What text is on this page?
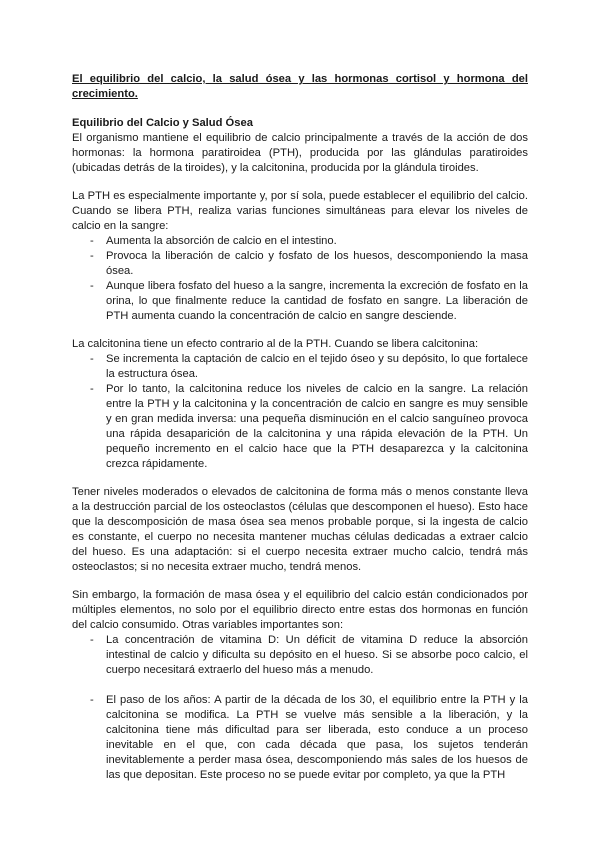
El equilibrio del calcio, la salud ósea y las hormonas cortisol y hormona del crecimiento.

Equilibrio del Calcio y Salud Ósea

El organismo mantiene el equilibrio de calcio principalmente a través de la acción de dos hormonas: la hormona paratiroidea (PTH), producida por las glándulas paratiroides (ubicadas detrás de la tiroides), y la calcitonina, producida por la glándula tiroides.

La PTH es especialmente importante y, por sí sola, puede establecer el equilibrio del calcio. Cuando se libera PTH, realiza varias funciones simultáneas para elevar los niveles de calcio en la sangre:

- Aumenta la absorción de calcio en el intestino.
- Provoca la liberación de calcio y fosfato de los huesos, descomponiendo la masa ósea.
- Aunque libera fosfato del hueso a la sangre, incrementa la excreción de fosfato en la orina, lo que finalmente reduce la cantidad de fosfato en sangre. La liberación de PTH aumenta cuando la concentración de calcio en sangre desciende.

La calcitonina tiene un efecto contrario al de la PTH. Cuando se libera calcitonina:

- Se incrementa la captación de calcio en el tejido óseo y su depósito, lo que fortalece la estructura ósea.
- Por lo tanto, la calcitonina reduce los niveles de calcio en la sangre. La relación entre la PTH y la calcitonina y la concentración de calcio en sangre es muy sensible y en gran medida inversa: una pequeña disminución en el calcio sanguíneo provoca una rápida desaparición de la calcitonina y una rápida elevación de la PTH. Un pequeño incremento en el calcio hace que la PTH desaparezca y la calcitonina crezca rápidamente.

Tener niveles moderados o elevados de calcitonina de forma más o menos constante lleva a la destrucción parcial de los osteoclastos (células que descomponen el hueso). Esto hace que la descomposición de masa ósea sea menos probable porque, si la ingesta de calcio es constante, el cuerpo no necesita mantener muchas células dedicadas a extraer calcio del hueso. Es una adaptación: si el cuerpo necesita extraer mucho calcio, tendrá más osteoclastos; si no necesita extraer mucho, tendrá menos.

Sin embargo, la formación de masa ósea y el equilibrio del calcio están condicionados por múltiples elementos, no solo por el equilibrio directo entre estas dos hormonas en función del calcio consumido. Otras variables importantes son:

- La concentración de vitamina D: Un déficit de vitamina D reduce la absorción intestinal de calcio y dificulta su depósito en el hueso. Si se absorbe poco calcio, el cuerpo necesitará extraerlo del hueso más a menudo.
- El paso de los años: A partir de la década de los 30, el equilibrio entre la PTH y la calcitonina se modifica. La PTH se vuelve más sensible a la liberación, y la calcitonina tiene más dificultad para ser liberada, esto conduce a un proceso inevitable en el que, con cada década que pasa, los sujetos tenderán inevitablemente a perder masa ósea, descomponiendo más sales de los huesos de las que depositan. Este proceso no se puede evitar por completo, ya que la PTH
